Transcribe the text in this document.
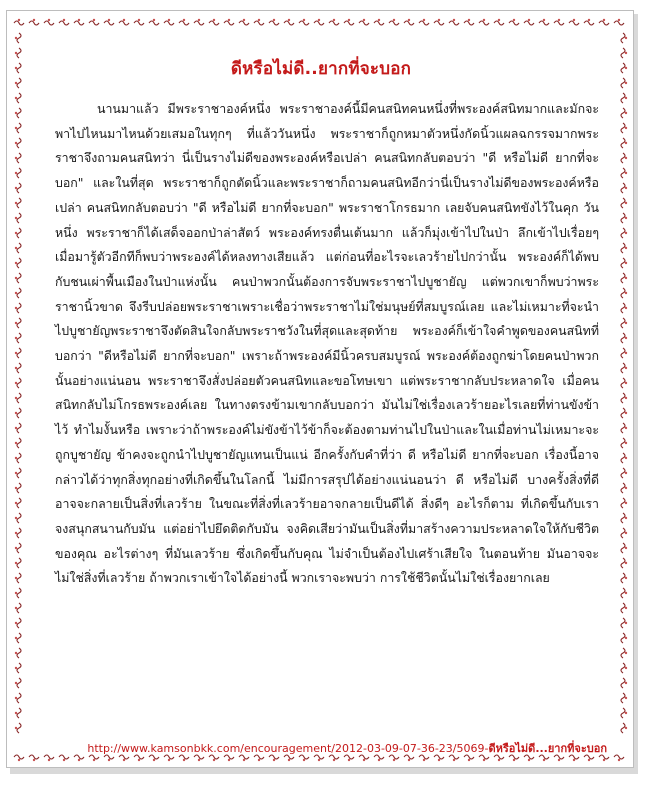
ดีหรือไม่ดี..ยากที่จะบอก

นานมาแล้ว มีพระราชาองค์หนึ่ง พระราชาองค์นี้มีคนสนิทคนหนึ่งที่พระองค์สนิทมากและมักจะพาไปไหนมาไหนด้วยเสมอในทุกๆ ที่แล้ววันหนึ่ง พระราชาก็ถูกหมาตัวหนึ่งกัดนิ้วแผลฉกรรจมากพระราชาจึงถามคนสนิทว่า นี่เป็นรางไม่ดีของพระองค์หรือเปล่า คนสนิทกลับตอบว่า "ดี หรือไม่ดี ยากที่จะบอก" และในที่สุด พระราชาก็ถูกตัดนิ้วและพระราชาก็ถามคนสนิทอีกว่านี่เป็นรางไม่ดีของพระองค์หรือเปล่า คนสนิทกลับตอบว่า "ดี หรือไม่ดี ยากที่จะบอก" พระราชาโกรธมาก เลยจับคนสนิทขังไว้ในคุก วันหนึ่ง พระราชาก็ได้เสด็จออกป่าล่าสัตว์ พระองค์ทรงตื่นเต้นมาก แล้วก็มุ่งเข้าไปในป่า ลึกเข้าไปเรื่อยๆ เมื่อมารู้ตัวอีกทีก็พบว่าพระองค์ได้หลงทางเสียแล้ว แต่ก่อนที่อะไรจะเลวร้ายไปกว่านั้น พระองค์ก็ได้พบกับชนเผ่าพื้นเมืองในป่าแห่งนั้น คนป่าพวกนั้นต้องการจับพระราชาไปบูชายัญ แต่พวกเขาก็พบว่าพระราชานิ้วขาด จึงรีบปล่อยพระราชาเพราะเชื่อว่าพระราชาไม่ใช่มนุษย์ที่สมบูรณ์เลย และไม่เหมาะที่จะนำไปบูชายัญพระราชาจึงตัดสินใจกลับพระราชวังในที่สุดและสุดท้าย พระองค์ก็เข้าใจคำพูดของคนสนิทที่บอกว่า "ดีหรือไม่ดี ยากที่จะบอก" เพราะถ้าพระองค์มีนิ้วครบสมบูรณ์ พระองค์ต้องถูกฆ่าโดยคนป่าพวกนั้นอย่างแน่นอน พระราชาจึงสั่งปล่อยตัวคนสนิทและขอโทษเขา แต่พระราชากลับประหลาดใจ เมื่อคนสนิทกลับไม่โกรธพระองค์เลย ในทางตรงข้ามเขากลับบอกว่า มันไม่ใช่เรื่องเลวร้ายอะไรเลยที่ท่านขังข้าไว้ ทำไมงั้นหรือ เพราะว่าถ้าพระองค์ไม่ขังข้าไว้ข้าก็จะต้องตามท่านไปในป่าและในเมื่อท่านไม่เหมาะจะถูกบูชายัญ ข้าคงจะถูกนำไปบูชายัญแทนเป็นแน่ อีกครั้งกับคำที่ว่า ดี หรือไม่ดี ยากที่จะบอก เรื่องนี้อาจกล่าวได้ว่าทุกสิ่งทุกอย่างที่เกิดขึ้นในโลกนี้ ไม่มีการสรุปได้อย่างแน่นอนว่า ดี หรือไม่ดี บางครั้งสิ่งที่ดี อาจจะกลายเป็นสิ่งที่เลวร้าย ในขณะที่สิ่งที่เลวร้ายอาจกลายเป็นดีได้ สิ่งดีๆ อะไรก็ตาม ที่เกิดขึ้นกับเราจงสนุกสนานกับมัน แต่อย่าไปยึดติดกับมัน จงคิดเสียว่ามันเป็นสิ่งที่มาสร้างความประหลาดใจให้กับชีวิตของคุณ อะไรต่างๆ ที่มันเลวร้าย ซึ่งเกิดขึ้นกับคุณ ไม่จำเป็นต้องไปเศร้าเสียใจ ในตอนท้าย มันอาจจะไม่ใช่สิ่งที่เลวร้าย ถ้าพวกเราเข้าใจได้อย่างนี้ พวกเราจะพบว่า การใช้ชีวิตนั้นไม่ใช่เรื่องยากเลย

http://www.kamsonbkk.com/encouragement/2012-03-09-07-36-23/5069-ดีหรือไม่ดี...ยากที่จะบอก
